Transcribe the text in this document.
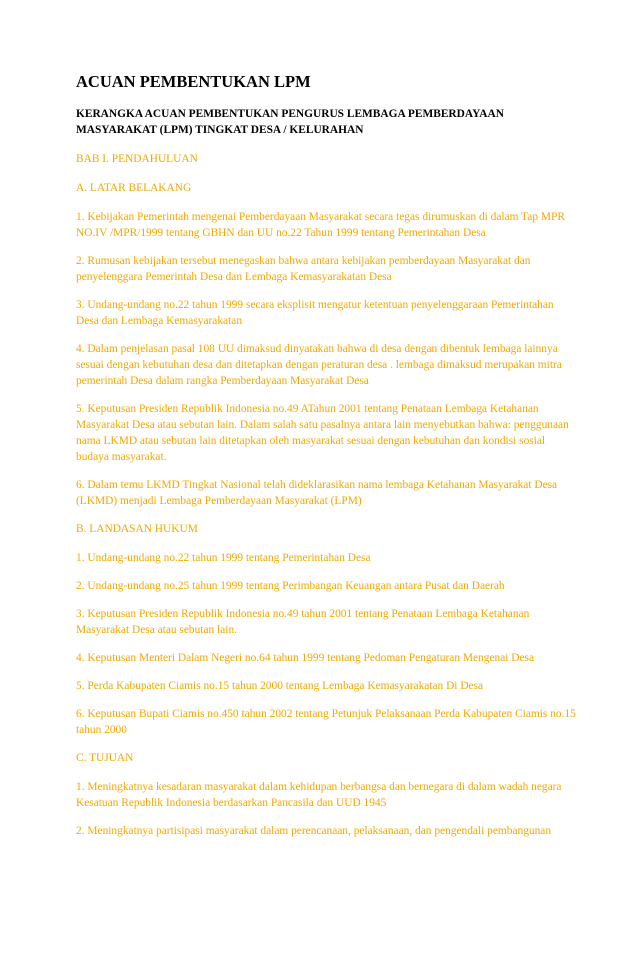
ACUAN PEMBENTUKAN LPM
KERANGKA ACUAN PEMBENTUKAN PENGURUS LEMBAGA PEMBERDAYAAN MASYARAKAT (LPM) TINGKAT DESA / KELURAHAN
BAB I. PENDAHULUAN
A. LATAR BELAKANG
1. Kebijakan Pemerintah mengenai Pemberdayaan Masyarakat secara tegas dirumuskan di dalam Tap MPR NO.IV /MPR/1999 tentang GBHN dan UU no.22 Tahun 1999 tentang Pemerintahan Desa
2. Rumusan kebijakan tersebut menegaskan bahwa antara kebijakan pemberdayaan Masyarakat dan penyelenggara Pemerintah Desa dan Lembaga Kemasyarakatan Desa
3. Undang-undang no.22 tahun 1999 secara eksplisit mengatur ketentuan penyelenggaraan Pemerintahan Desa dan Lembaga Kemasyarakatan
4. Dalam penjelasan pasal 108 UU dimaksud dinyatakan bahwa di desa dengan dibentuk lembaga lainnya sesuai dengan kebutuhan desa dan ditetapkan dengan peraturan desa . lembaga dimaksud merupakan mitra pemerintah Desa dalam rangka Pemberdayaan Masyarakat Desa
5. Keputusan Presiden Republik Indonesia no.49 ATahun 2001 tentang Penataan Lembaga Ketahanan Masyarakat Desa atau sebutan lain. Dalam salah satu pasalnya antara lain menyebutkan bahwa: penggunaan nama LKMD atau sebutan lain ditetapkan oleh masyarakat sesuai dengan kebutuhan dan kondisi sosial budaya masyarakat.
6. Dalam temu LKMD Tingkat Nasional telah dideklarasikan nama lembaga Ketahanan Masyarakat Desa (LKMD) menjadi Lembaga Pemberdayaan Masyarakat (LPM)
B. LANDASAN HUKUM
1. Undang-undang no.22 tahun 1999 tentang Pemerintahan Desa
2. Undang-undang no.25 tahun 1999 tentang Perimbangan Keuangan antara Pusat dan Daerah
3. Keputusan Presiden Republik Indonesia no.49 tahun 2001 tentang Penataan Lembaga Ketahanan Masyarakat Desa atau sebutan lain.
4. Keputusan Menteri Dalam Negeri no.64 tahun 1999 tentang Pedoman Pengaturan Mengenai Desa
5. Perda Kabupaten Ciamis no.15 tahun 2000 tentang Lembaga Kemasyarakatan Di Desa
6. Keputusan Bupati Ciamis no.450 tahun 2002 tentang Petunjuk Pelaksanaan Perda Kabupaten Ciamis no.15 tahun 2000
C. TUJUAN
1. Meningkatnya kesadaran masyarakat dalam kehidupan berbangsa dan bernegara di dalam wadah negara Kesatuan Republik Indonesia berdasarkan Pancasila dan UUD 1945
2. Meningkatnya partisipasi masyarakat dalam perencanaan, pelaksanaan, dan pengendali pembangunan
